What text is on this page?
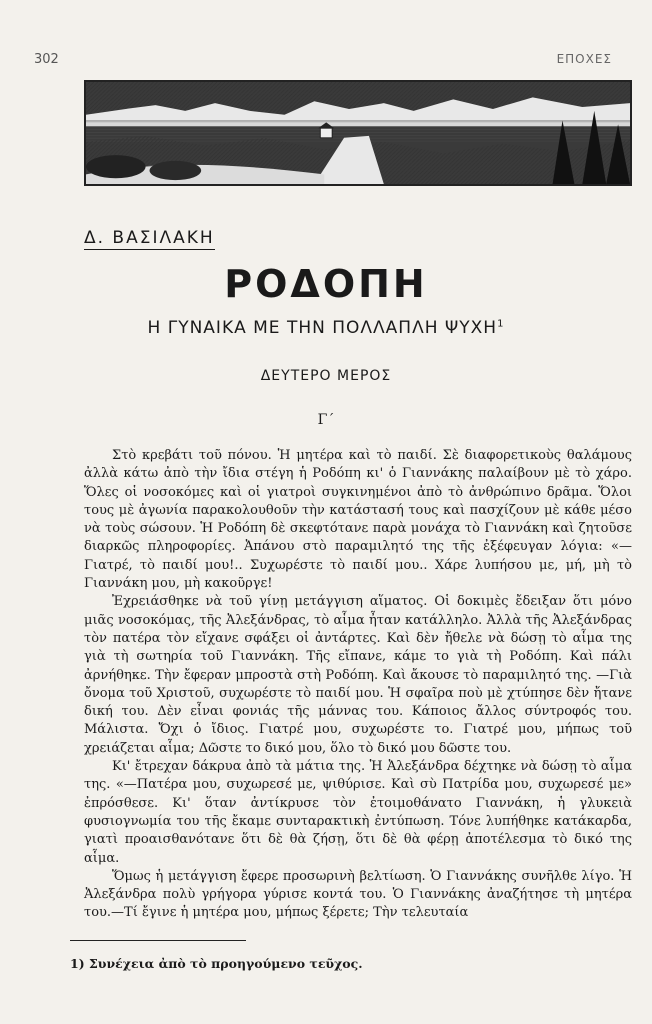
302	ΕΠΟΧΕΣ
Δ. ΒΑΣΙΛΑΚΗ
ΡΟΔΟΠΗ
Η ΓΥΝΑΙΚΑ ΜΕ ΤΗΝ ΠΟΛΛΑΠΛΗ ΨΥΧΗ$^1$
ΔΕΥΤΕΡΟ ΜΕΡΟΣ
Γ΄

Στὸ κρεβάτι τοῦ πόνου. Ἡ μητέρα καὶ τὸ παιδί. Σὲ διαφορετικοὺς θαλάμους ἀλλὰ κάτω ἀπὸ τὴν ἴδια στέγη ἡ Ροδόπη κι' ὁ Γιαννάκης παλαίβουν μὲ τὸ χάρο. Ὅλες οἱ νοσοκόμες καὶ οἱ γιατροὶ συγκινημένοι ἀπὸ τὸ ἀνθρώπινο δρᾶμα. Ὅλοι τους μὲ ἀγωνία παρακολουθοῦν τὴν κατάστασή τους καὶ πασχίζουν μὲ κάθε μέσο νὰ τοὺς σώσουν. Ἡ Ροδόπη δὲ σκεφτότανε παρὰ μονάχα τὸ Γιαννάκη καὶ ζητοῦσε διαρκῶς πληροφορίες. Ἀπάνου στὸ παραμιλητό της τῆς ἐξέφευγαν λόγια: «—Γιατρέ, τὸ παιδί μου!.. Συχωρέστε τὸ παιδί μου.. Χάρε λυπήσου με, μή, μὴ τὸ Γιαννάκη μου, μὴ κακοῦργε!

Ἐχρειάσθηκε νὰ τοῦ γίνῃ μετάγγιση αἵματος. Οἱ δοκιμὲς ἔδειξαν ὅτι μόνο μιᾶς νοσοκόμας, τῆς Ἀλεξάνδρας, τὸ αἷμα ἦταν κατάλληλο. Ἀλλὰ τῆς Ἀλεξάνδρας τὸν πατέρα τὸν εἴχανε σφάξει οἱ ἀντάρτες. Καὶ δὲν ἤθελε νὰ δώσῃ τὸ αἷμα της γιὰ τὴ σωτηρία τοῦ Γιαννάκη. Τῆς εἴπανε, κάμε το γιὰ τὴ Ροδόπη. Καὶ πάλι ἀρνήθηκε. Τὴν ἔφεραν μπροστὰ στὴ Ροδόπη. Καὶ ἄκουσε τὸ παραμιλητό της. —Γιὰ ὄνομα τοῦ Χριστοῦ, συχωρέστε τὸ παιδί μου. Ἡ σφαῖρα ποὺ μὲ χτύπησε δὲν ἤτανε δική του. Δὲν εἶναι φονιάς τῆς μάννας του. Κάποιος ἄλλος σύντροφός του. Μάλιστα. Ὄχι ὁ ἴδιος. Γιατρέ μου, συχωρέστε το. Γιατρέ μου, μήπως τοῦ χρειάζεται αἷμα; Δῶστε το δικό μου, ὅλο τὸ δικό μου δῶστε του.

Κι' ἔτρεχαν δάκρυα ἀπὸ τὰ μάτια της. Ἡ Ἀλεξάνδρα δέχτηκε νὰ δώσῃ τὸ αἷμα της. «—Πατέρα μου, συχωρεσέ με, ψιθύρισε. Καὶ σὺ Πατρίδα μου, συχωρεσέ με» ἐπρόσθεσε. Κι' ὅταν ἀντίκρυσε τὸν ἐτοιμοθάνατο Γιαννάκη, ἡ γλυκειὰ φυσιογνωμία του τῆς ἔκαμε συνταρακτικὴ ἐντύπωση. Τόνε λυπήθηκε κατάκαρδα, γιατὶ προαισθανότανε ὅτι δὲ θὰ ζήσῃ, ὅτι δὲ θὰ φέρῃ ἀποτέλεσμα τὸ δικό της αἷμα.

Ὅμως ἡ μετάγγιση ἔφερε προσωρινὴ βελτίωση. Ὁ Γιαννάκης συνῆλθε λίγο. Ἡ Ἀλεξάνδρα πολὺ γρήγορα γύρισε κοντά του. Ὁ Γιαννάκης ἀναζήτησε τὴ μητέρα του.—Τί ἔγινε ἡ μητέρα μου, μήπως ξέρετε; Τὴν τελευταία

1) Συνέχεια ἀπὸ τὸ προηγούμενο τεῦχος.
